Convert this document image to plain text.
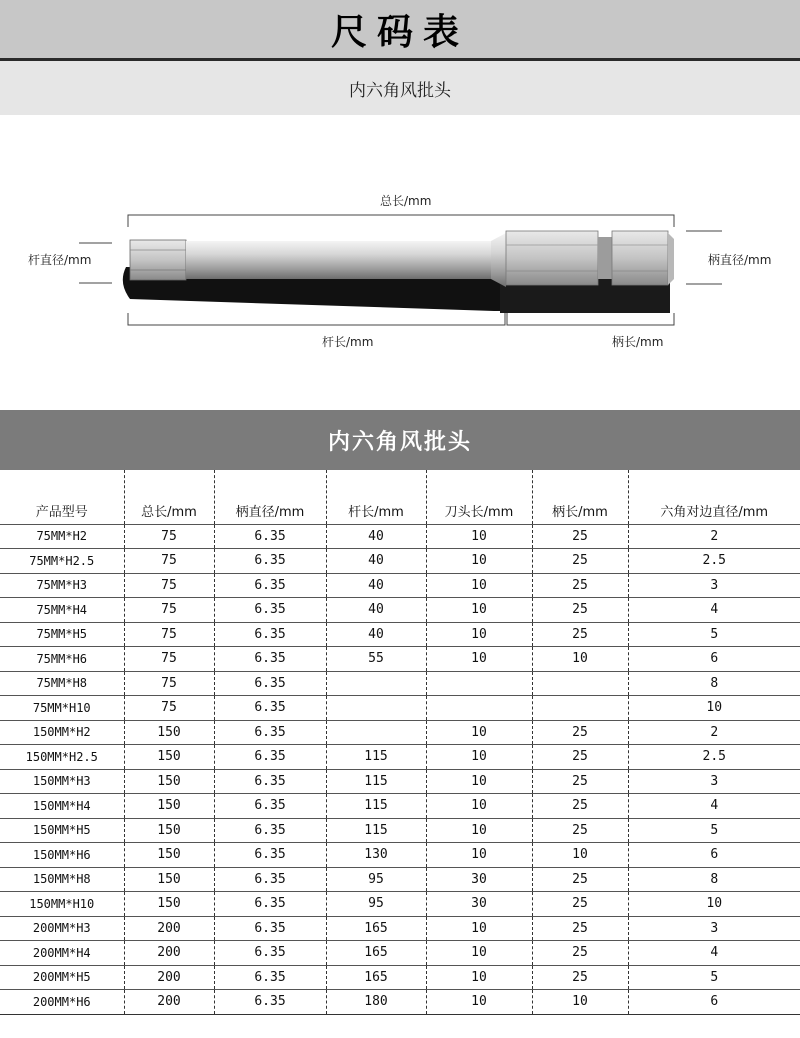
尺码表
内六角风批头
总长/mm
杆直径/mm	柄直径/mm
杆长/mm	柄长/mm
内六角风批头
产品型号	总长/mm	柄直径/mm	杆长/mm	刀头长/mm	柄长/mm	六角对边直径/mm
75MM*H2	75	6.35	40	10	25	2
75MM*H2.5	75	6.35	40	10	25	2.5
75MM*H3	75	6.35	40	10	25	3
75MM*H4	75	6.35	40	10	25	4
75MM*H5	75	6.35	40	10	25	5
75MM*H6	75	6.35	55	10	10	6
75MM*H8	75	6.35				8
75MM*H10	75	6.35				10
150MM*H2	150	6.35		10	25	2
150MM*H2.5	150	6.35	115	10	25	2.5
150MM*H3	150	6.35	115	10	25	3
150MM*H4	150	6.35	115	10	25	4
150MM*H5	150	6.35	115	10	25	5
150MM*H6	150	6.35	130	10	10	6
150MM*H8	150	6.35	95	30	25	8
150MM*H10	150	6.35	95	30	25	10
200MM*H3	200	6.35	165	10	25	3
200MM*H4	200	6.35	165	10	25	4
200MM*H5	200	6.35	165	10	25	5
200MM*H6	200	6.35	180	10	10	6
